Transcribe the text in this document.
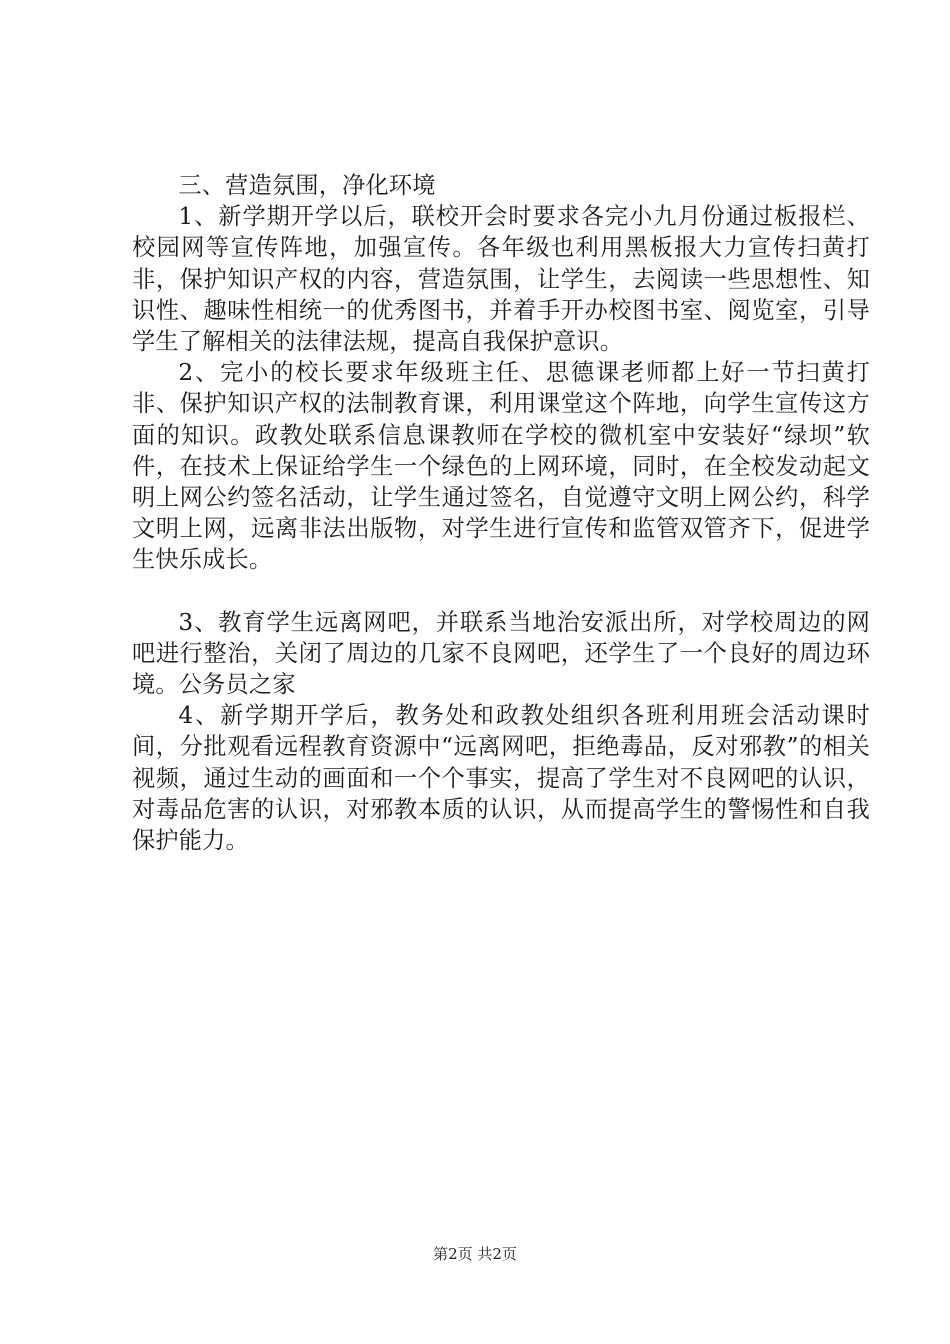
三、营造氛围，净化环境

1、新学期开学以后，联校开会时要求各完小九月份通过板报栏、校园网等宣传阵地，加强宣传。各年级也利用黑板报大力宣传扫黄打非，保护知识产权的内容，营造氛围，让学生，去阅读一些思想性、知识性、趣味性相统一的优秀图书，并着手开办校图书室、阅览室，引导学生了解相关的法律法规，提高自我保护意识。

2、完小的校长要求年级班主任、思德课老师都上好一节扫黄打非、保护知识产权的法制教育课，利用课堂这个阵地，向学生宣传这方面的知识。政教处联系信息课教师在学校的微机室中安装好“绿坝”软件，在技术上保证给学生一个绿色的上网环境，同时，在全校发动起文明上网公约签名活动，让学生通过签名，自觉遵守文明上网公约，科学文明上网，远离非法出版物，对学生进行宣传和监管双管齐下，促进学生快乐成长。

3、教育学生远离网吧，并联系当地治安派出所，对学校周边的网吧进行整治，关闭了周边的几家不良网吧，还学生了一个良好的周边环境。公务员之家

4、新学期开学后，教务处和政教处组织各班利用班会活动课时间，分批观看远程教育资源中“远离网吧，拒绝毒品，反对邪教”的相关视频，通过生动的画面和一个个事实，提高了学生对不良网吧的认识，对毒品危害的认识，对邪教本质的认识，从而提高学生的警惕性和自我保护能力。

第2页 共2页
